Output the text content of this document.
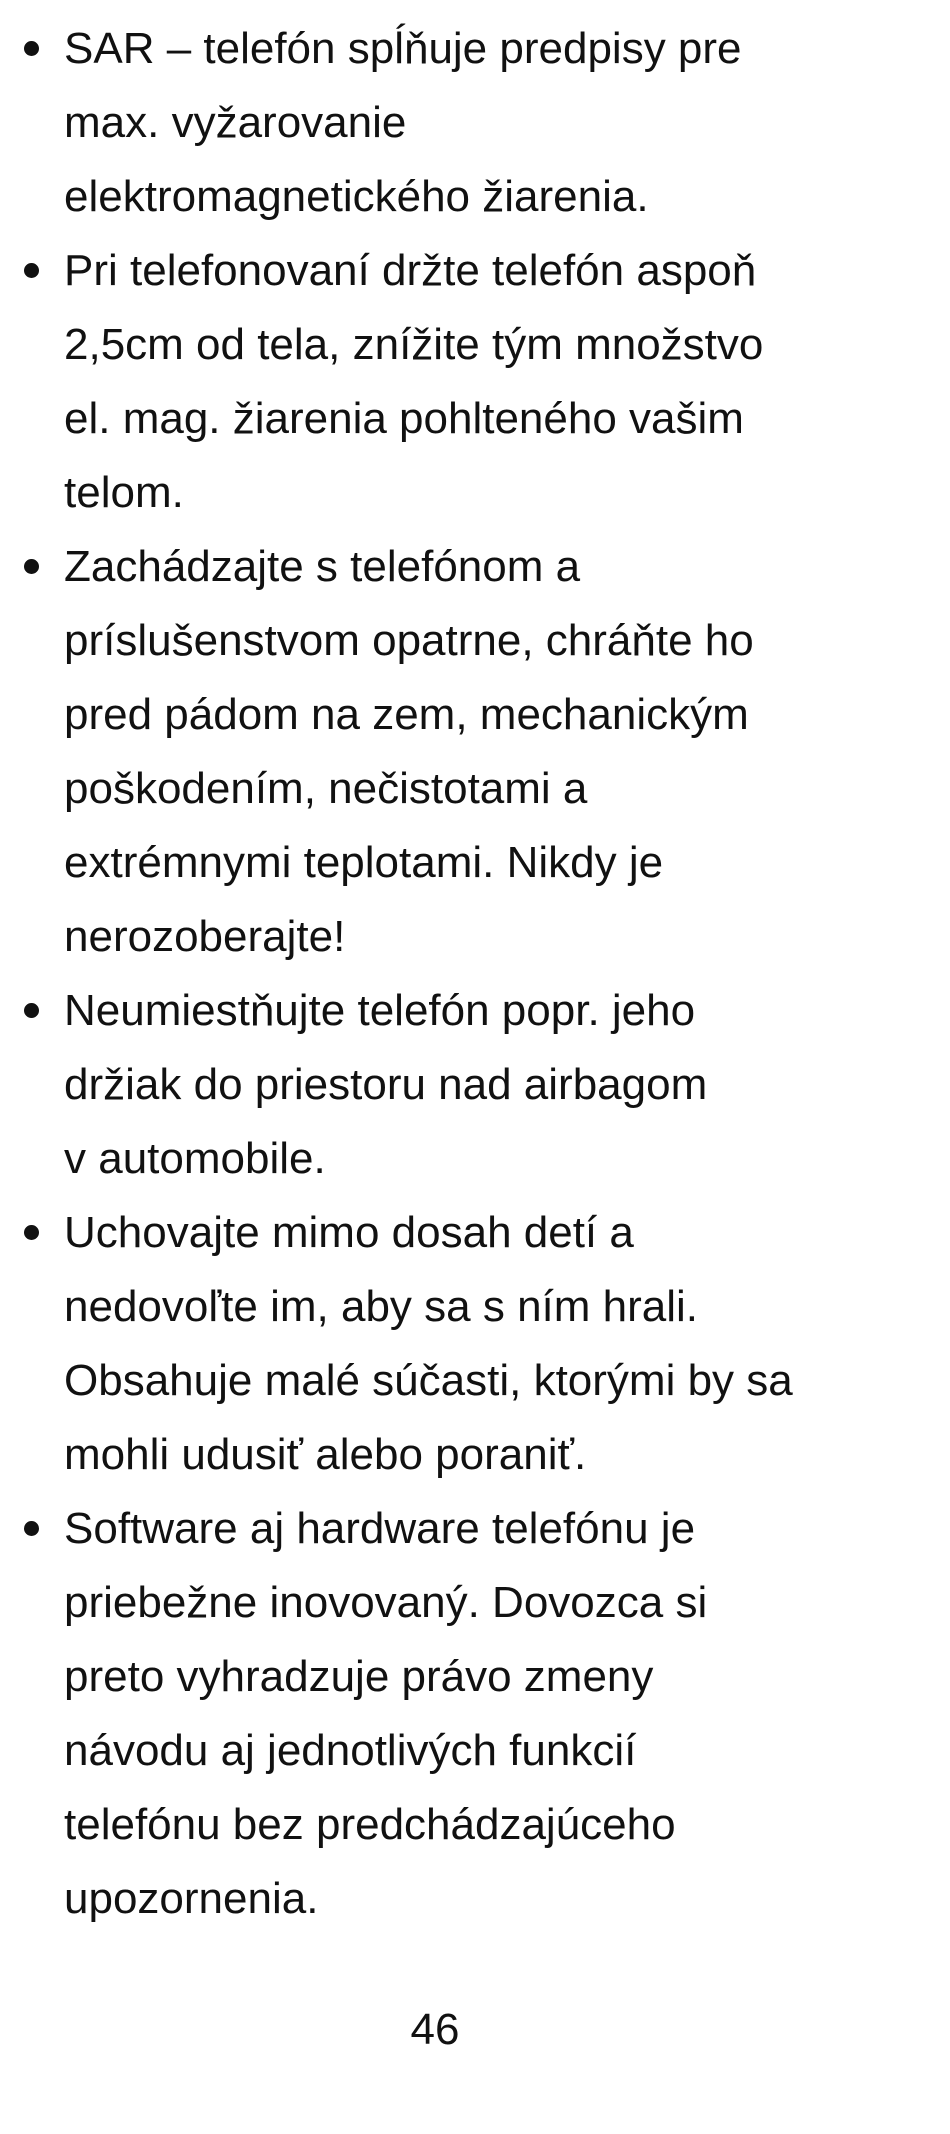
SAR – telefón spĺňuje predpisy pre
max. vyžarovanie
elektromagnetického žiarenia.
Pri telefonovaní držte telefón aspoň
2,5cm od tela, znížite tým množstvo
el. mag. žiarenia pohlteného vašim
telom.
Zachádzajte s telefónom a
príslušenstvom opatrne, chráňte ho
pred pádom na zem, mechanickým
poškodením, nečistotami a
extrémnymi teplotami. Nikdy je
nerozoberajte!
Neumiestňujte telefón popr. jeho
držiak do priestoru nad airbagom
v automobile.
Uchovajte mimo dosah detí a
nedovoľte im, aby sa s ním hrali.
Obsahuje malé súčasti, ktorými by sa
mohli udusiť alebo poraniť.
Software aj hardware telefónu je
priebežne inovovaný. Dovozca si
preto vyhradzuje právo zmeny
návodu aj jednotlivých funkcií
telefónu bez predchádzajúceho
upozornenia.
46
